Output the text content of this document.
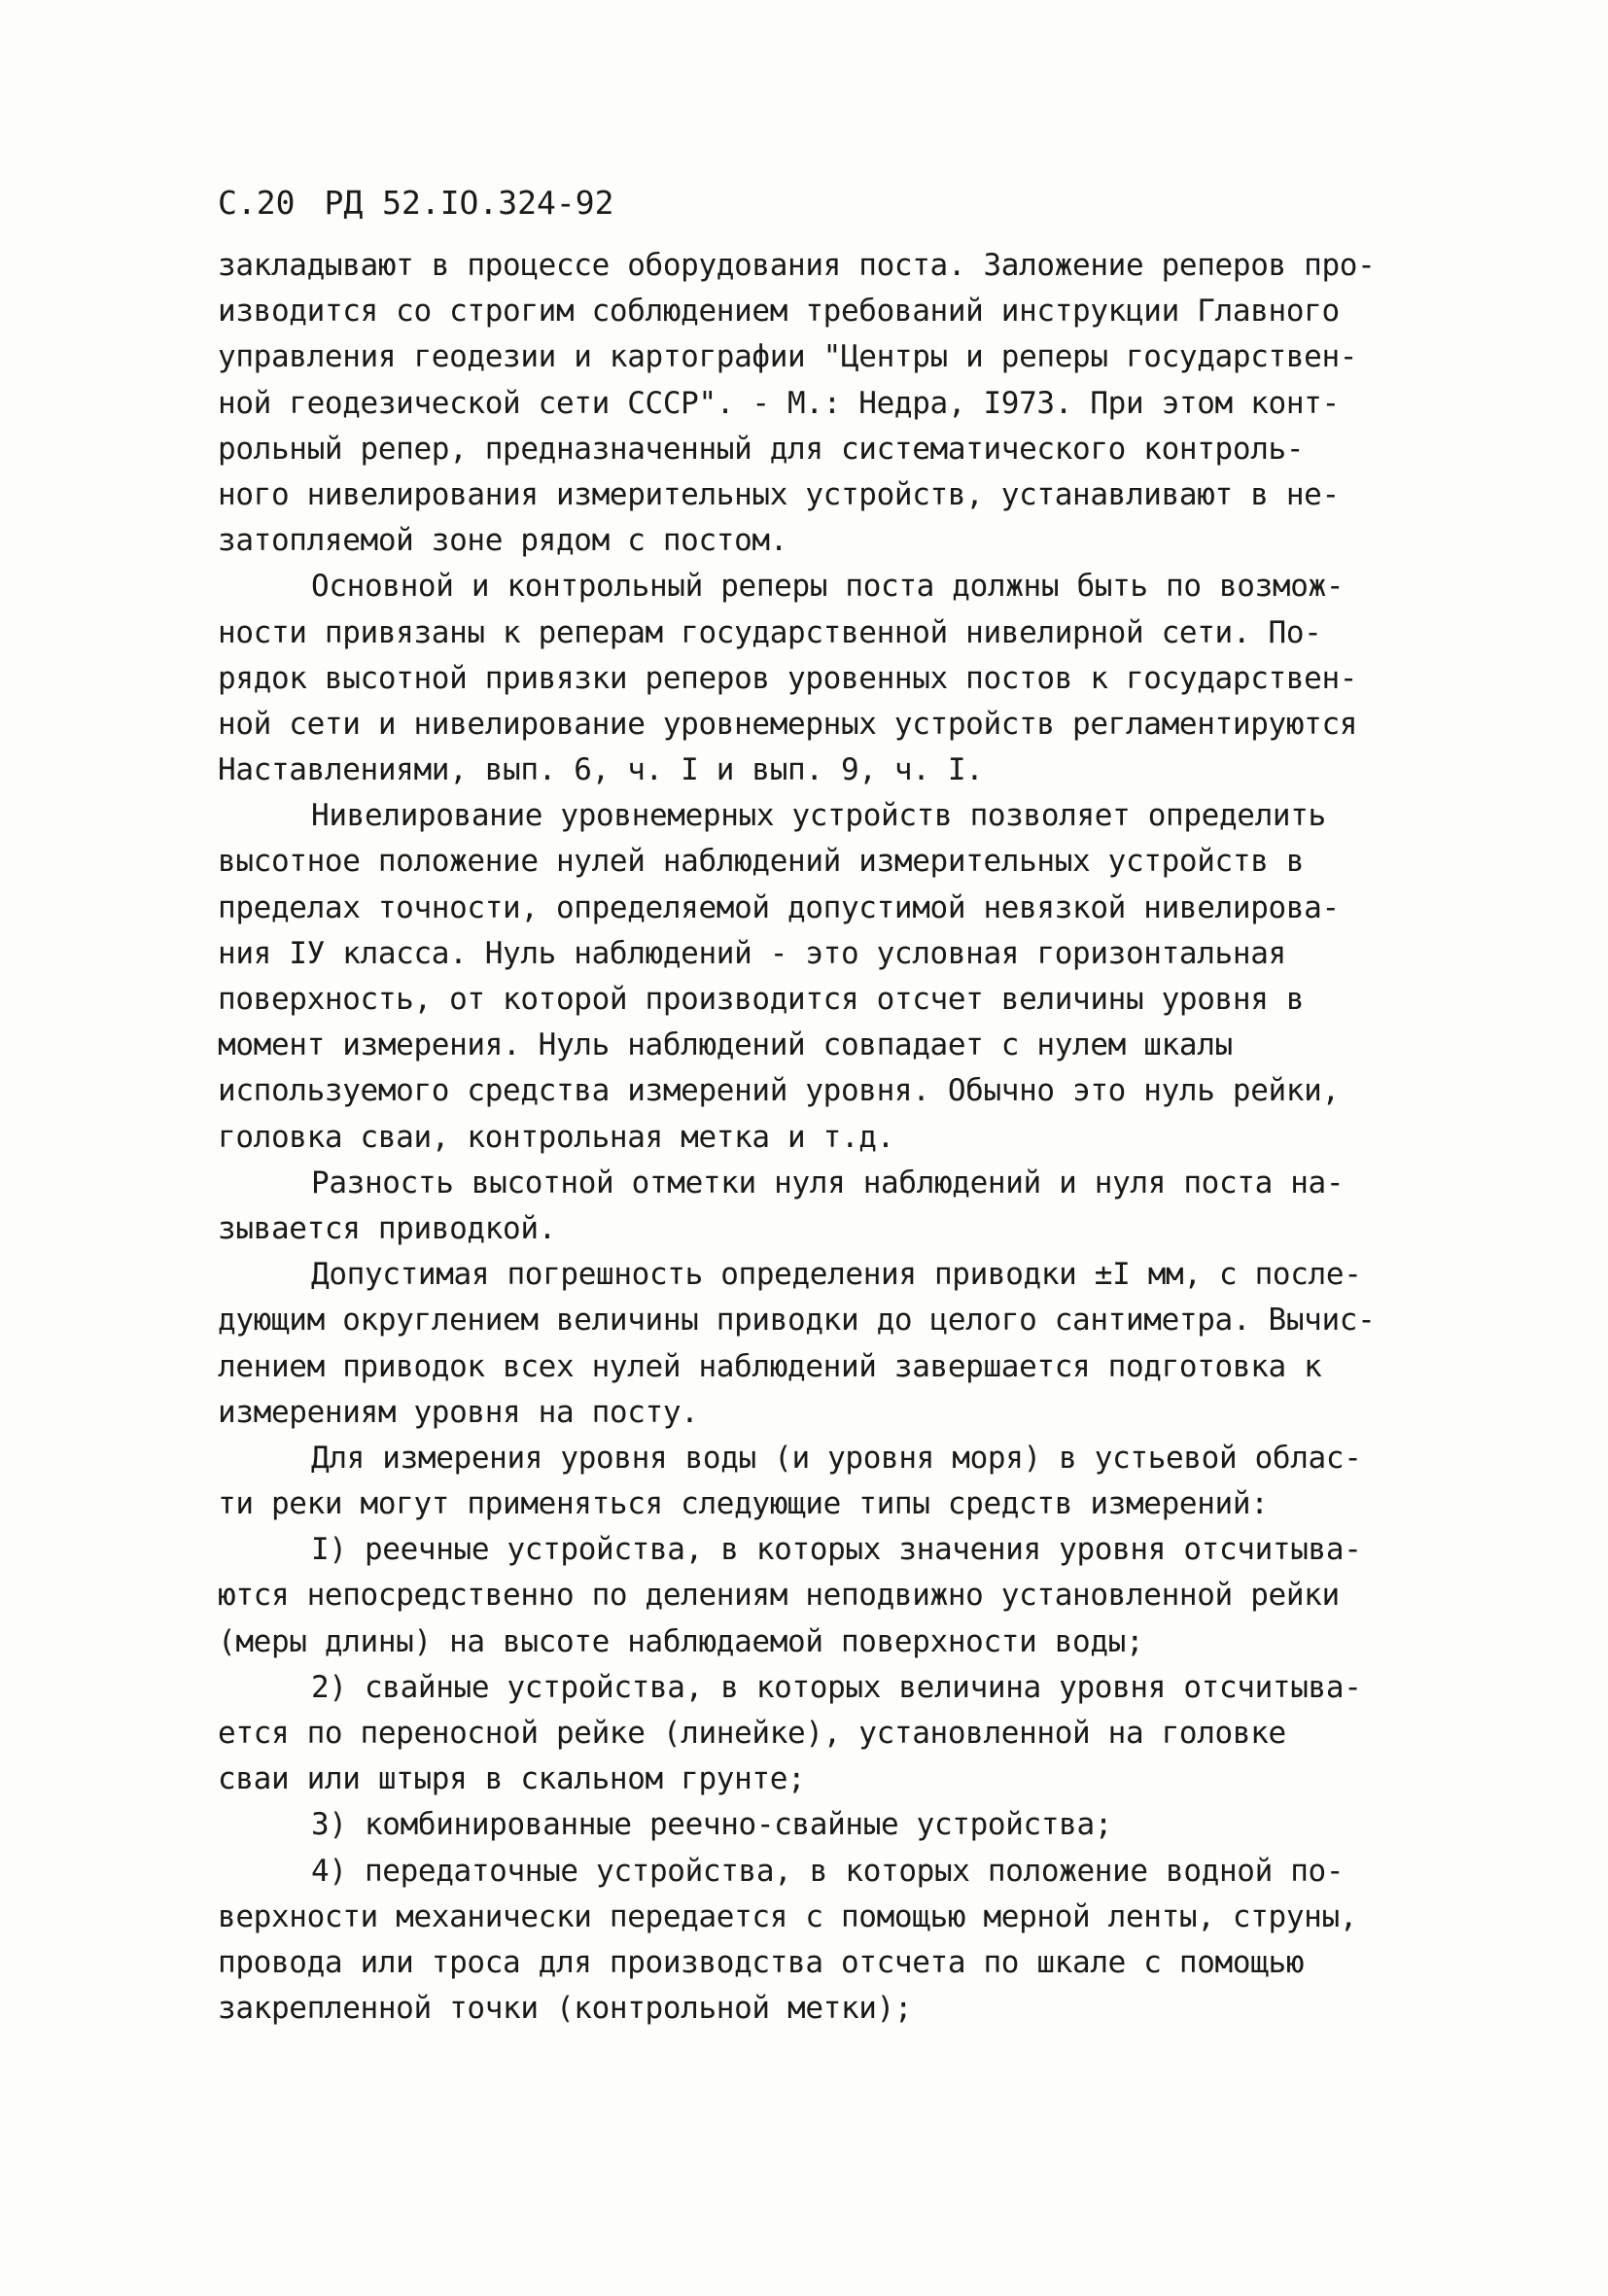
С.20 РД 52.IO.324-92
закладывают в процессе оборудования поста. Заложение реперов про-
изводится со строгим соблюдением требований инструкции Главного
управления геодезии и картографии "Центры и реперы государствен-
ной геодезической сети СССР". - М.: Недра, I973. При этом конт-
рольный репер, предназначенный для систематического контроль-
ного нивелирования измерительных устройств, устанавливают в не-
затопляемой зоне рядом с постом.
Основной и контрольный реперы поста должны быть по возмож-
ности привязаны к реперам государственной нивелирной сети. По-
рядок высотной привязки реперов уровенных постов к государствен-
ной сети и нивелирование уровнемерных устройств регламентируются
Наставлениями, вып. 6, ч. I и вып. 9, ч. I.
Нивелирование уровнемерных устройств позволяет определить
высотное положение нулей наблюдений измерительных устройств в
пределах точности, определяемой допустимой невязкой нивелирова-
ния IУ класса. Нуль наблюдений - это условная горизонтальная
поверхность, от которой производится отсчет величины уровня в
момент измерения. Нуль наблюдений совпадает с нулем шкалы
используемого средства измерений уровня. Обычно это нуль рейки,
головка сваи, контрольная метка и т.д.
Разность высотной отметки нуля наблюдений и нуля поста на-
зывается приводкой.
Допустимая погрешность определения приводки ±I мм, с после-
дующим округлением величины приводки до целого сантиметра. Вычис-
лением приводок всех нулей наблюдений завершается подготовка к
измерениям уровня на посту.
Для измерения уровня воды (и уровня моря) в устьевой облас-
ти реки могут применяться следующие типы средств измерений:
I) реечные устройства, в которых значения уровня отсчитыва-
ются непосредственно по делениям неподвижно установленной рейки
(меры длины) на высоте наблюдаемой поверхности воды;
2) свайные устройства, в которых величина уровня отсчитыва-
ется по переносной рейке (линейке), установленной на головке
сваи или штыря в скальном грунте;
3) комбинированные реечно-свайные устройства;
4) передаточные устройства, в которых положение водной по-
верхности механически передается с помощью мерной ленты, струны,
провода или троса для производства отсчета по шкале с помощью
закрепленной точки (контрольной метки);
